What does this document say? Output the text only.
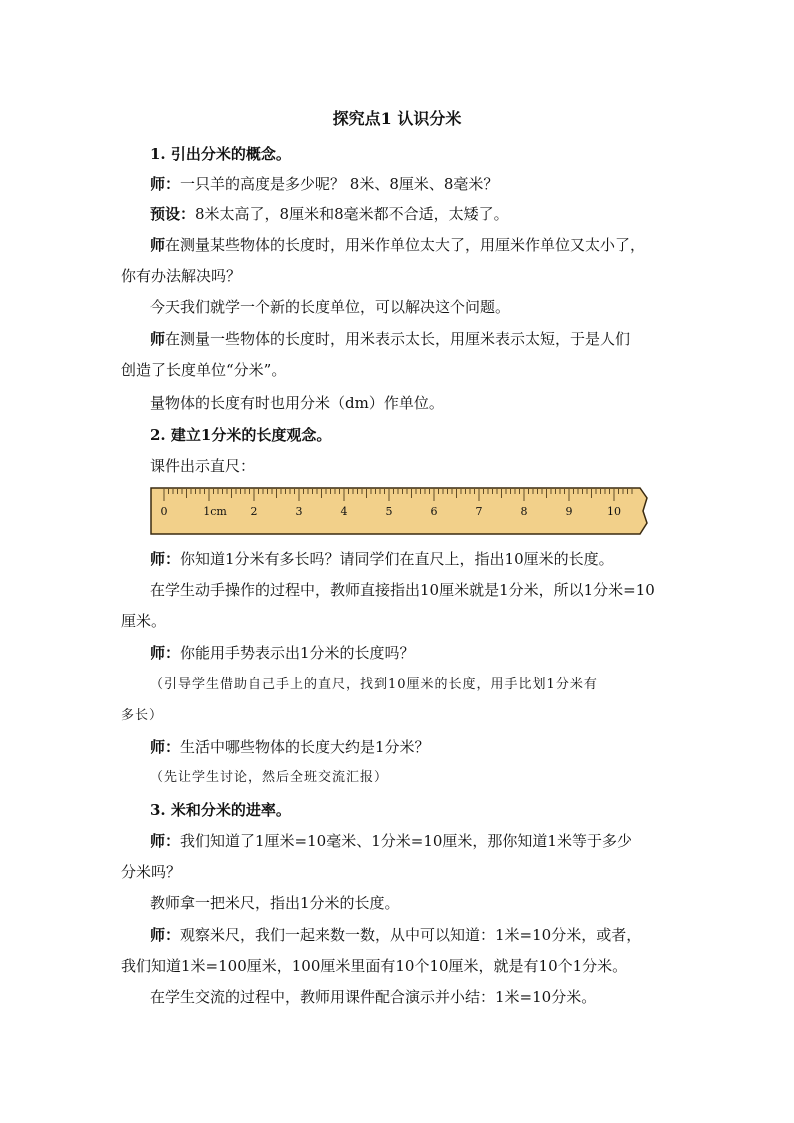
探究点1 认识分米
1. 引出分米的概念。
师：一只羊的高度是多少呢？ 8米、8厘米、8毫米？
预设：8米太高了，8厘米和8毫米都不合适，太矮了。
师在测量某些物体的长度时，用米作单位太大了，用厘米作单位又太小了，
你有办法解决吗？
今天我们就学一个新的长度单位，可以解决这个问题。
师在测量一些物体的长度时，用米表示太长，用厘米表示太短，于是人们
创造了长度单位“分米”。
量物体的长度有时也用分米（dm）作单位。
2. 建立1分米的长度观念。
课件出示直尺：
0	1cm 2	3	4	5	6	7	8	9	10
师：你知道1分米有多长吗？请同学们在直尺上，指出10厘米的长度。
在学生动手操作的过程中，教师直接指出10厘米就是1分米，所以1分米=10
厘米。
师：你能用手势表示出1分米的长度吗？
（引导学生借助自己手上的直尺，找到10厘米的长度，用手比划1分米有
多长）
师：生活中哪些物体的长度大约是1分米？
（先让学生讨论，然后全班交流汇报）
3. 米和分米的进率。
师：我们知道了1厘米=10毫米、1分米=10厘米，那你知道1米等于多少
分米吗？
教师拿一把米尺，指出1分米的长度。
师：观察米尺，我们一起来数一数，从中可以知道：1米=10分米，或者，
我们知道1米=100厘米，100厘米里面有10个10厘米，就是有10个1分米。
在学生交流的过程中，教师用课件配合演示并小结：1米=10分米。
